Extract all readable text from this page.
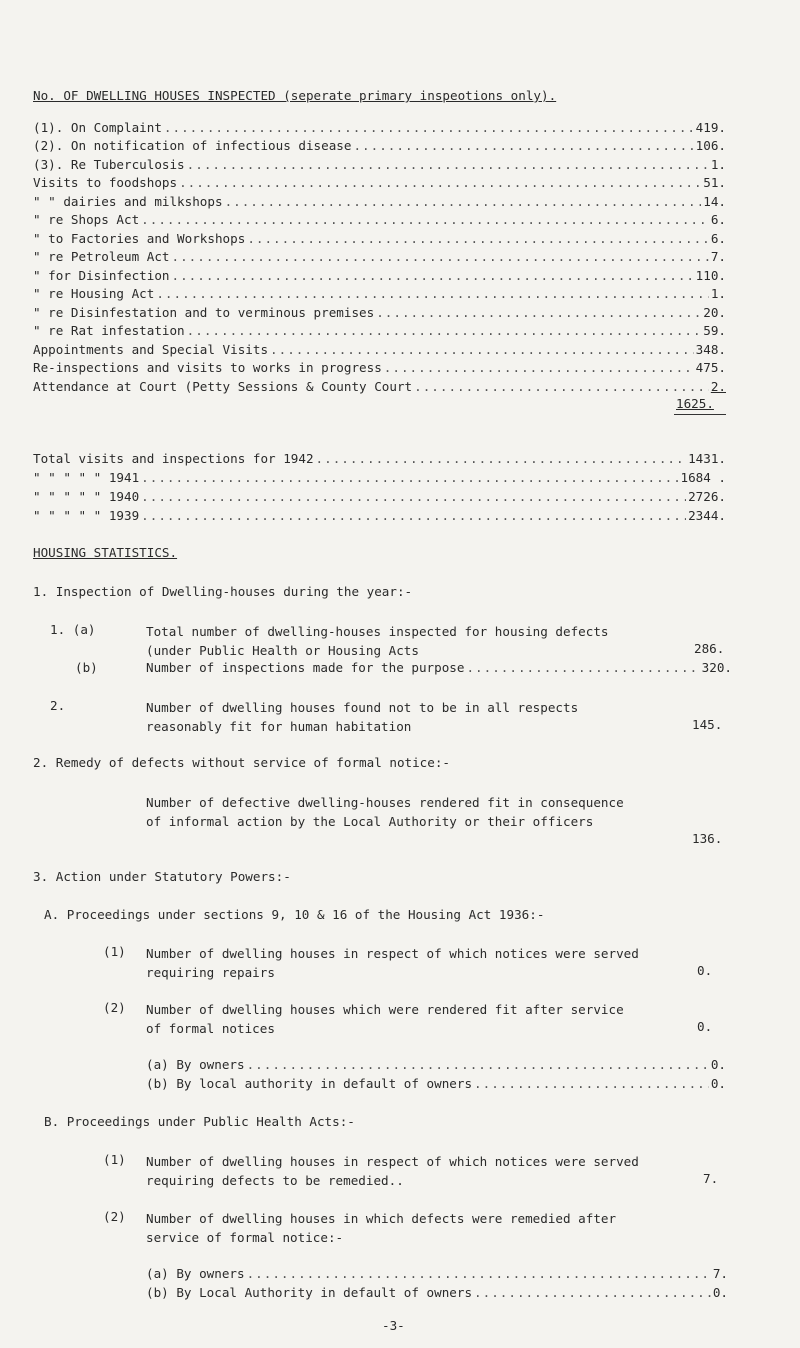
No. OF DWELLING HOUSES INSPECTED (seperate primary inspeotions only).
(1). On Complaint .....	419.
(2). On notification of infectious disease .....	106.
(3). Re Tuberculosis .....	1.
Visits to foodshops .....	51.
" " dairies and milkshops .....	14.
" re Shops Act .....	6.
" to Factories and Workshops .....	6.
" re Petroleum Act .....	7.
" for Disinfection .....	110.
" re Housing Act .....	1.
" re Disinfestation and to verminous premises .....	20.
" re Rat infestation .....	59.
Appointments and Special Visits .....	348.
Re-inspections and visits to works in progress .....	475.
Attendance at Court (Petty Sessions & County Court .....	2.
1625.
Total visits and inspections for 1942 .....	1431.
" " " " " 1941 .....	1684 .
" " " " " 1940 .....	2726.
" " " " " 1939 .....	2344.
HOUSING STATISTICS.
1. Inspection of Dwelling-houses during the year:-
1. (a)	Total number of dwelling-houses inspected for housing defects (under Public Health or Housing Acts	286.
(b)	Number of inspections made for the purpose .....	320.
2.	Number of dwelling houses found not to be in all respects reasonably fit for human habitation	145.
2. Remedy of defects without service of formal notice:-
Number of defective dwelling-houses rendered fit in consequence of informal action by the Local Authority or their officers
136.
3. Action under Statutory Powers:-
A. Proceedings under sections 9, 10 & 16 of the Housing Act 1936:-
(1) Number of dwelling houses in respect of which notices were served requiring repairs	0.
(2) Number of dwelling houses which were rendered fit after service of formal notices	0.
(a) By owners .....	0.
(b) By local authority in default of owners .....	0.
B. Proceedings under Public Health Acts:-
(1) Number of dwelling houses in respect of which notices were served requiring defects to be remedied..	7.
(2) Number of dwelling houses in which defects were remedied after service of formal notice:-
(a) By owners .....	7.
(b) By Local Authority in default of owners .....	0.
-3-
